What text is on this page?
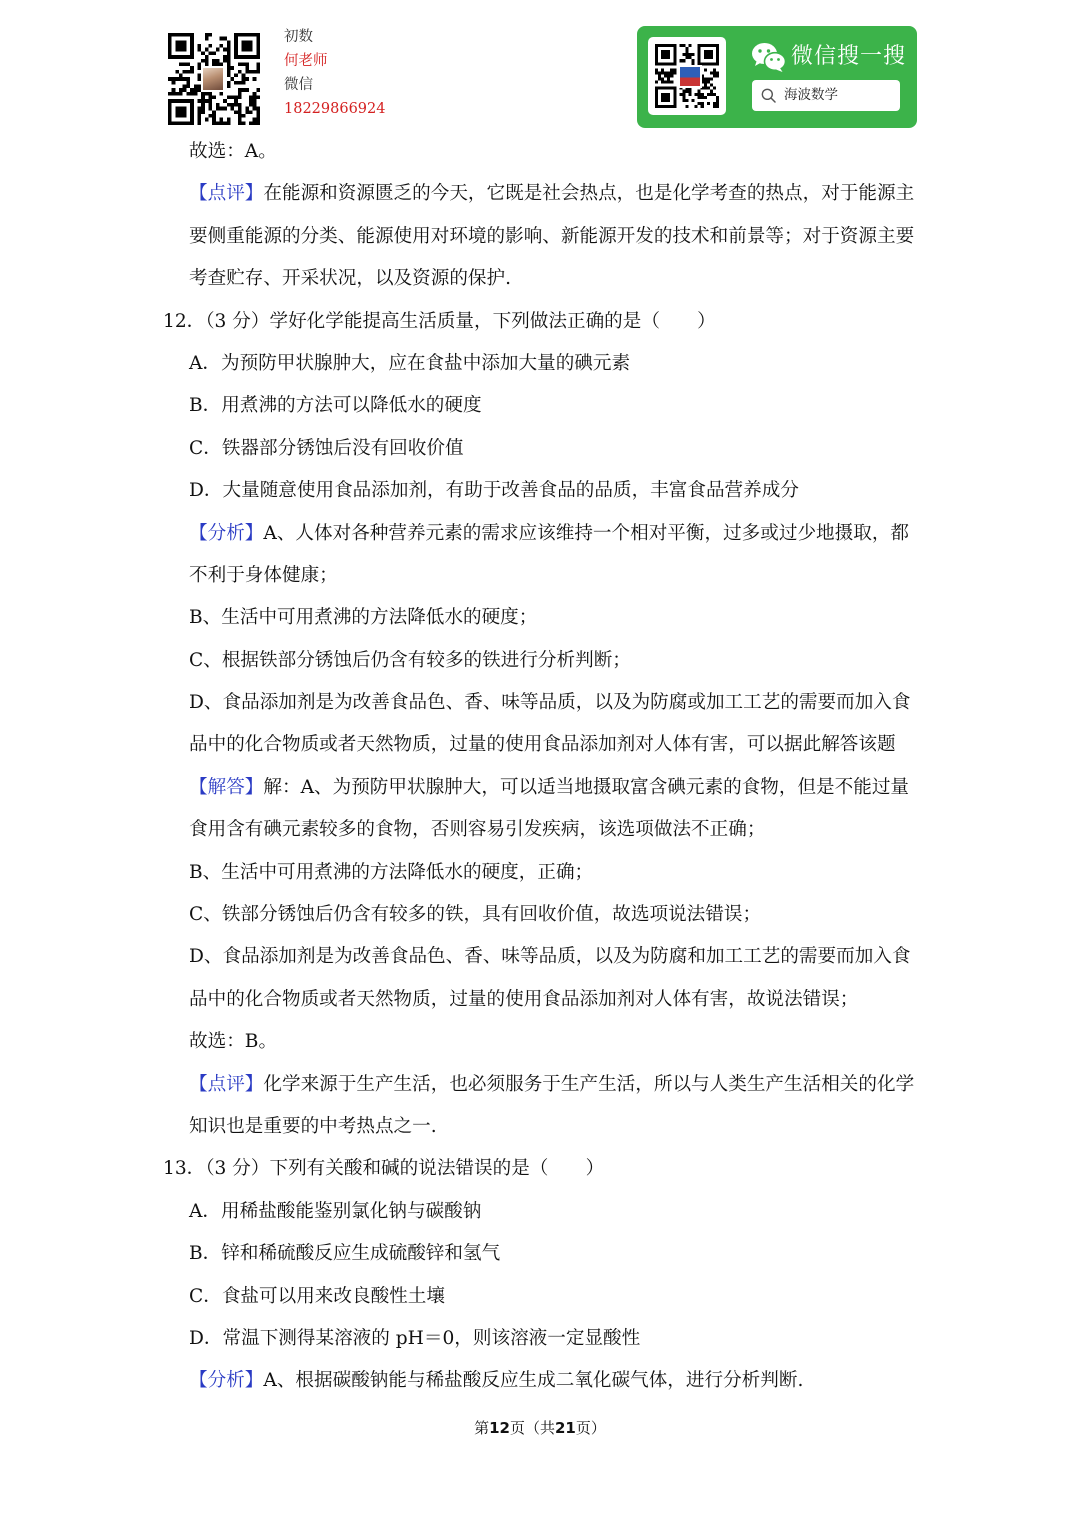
初数
何老师
微信
18229866924
微信搜一搜
海波数学
故选：A。
【点评】在能源和资源匮乏的今天，它既是社会热点，也是化学考查的热点，对于能源主
要侧重能源的分类、能源使用对环境的影响、新能源开发的技术和前景等；对于资源主要
考查贮存、开采状况，以及资源的保护.
12．（3 分）学好化学能提高生活质量，下列做法正确的是（　　）
A．为预防甲状腺肿大，应在食盐中添加大量的碘元素
B．用煮沸的方法可以降低水的硬度
C．铁器部分锈蚀后没有回收价值
D．大量随意使用食品添加剂，有助于改善食品的品质，丰富食品营养成分
【分析】A、人体对各种营养元素的需求应该维持一个相对平衡，过多或过少地摄取，都
不利于身体健康；
B、生活中可用煮沸的方法降低水的硬度；
C、根据铁部分锈蚀后仍含有较多的铁进行分析判断；
D、食品添加剂是为改善食品色、香、味等品质，以及为防腐或加工工艺的需要而加入食
品中的化合物质或者天然物质，过量的使用食品添加剂对人体有害，可以据此解答该题
【解答】解：A、为预防甲状腺肿大，可以适当地摄取富含碘元素的食物，但是不能过量
食用含有碘元素较多的食物，否则容易引发疾病，该选项做法不正确；
B、生活中可用煮沸的方法降低水的硬度，正确；
C、铁部分锈蚀后仍含有较多的铁，具有回收价值，故选项说法错误；
D、食品添加剂是为改善食品色、香、味等品质，以及为防腐和加工工艺的需要而加入食
品中的化合物质或者天然物质，过量的使用食品添加剂对人体有害，故说法错误；
故选：B。
【点评】化学来源于生产生活，也必须服务于生产生活，所以与人类生产生活相关的化学
知识也是重要的中考热点之一.
13．（3 分）下列有关酸和碱的说法错误的是（　　）
A．用稀盐酸能鉴别氯化钠与碳酸钠
B．锌和稀硫酸反应生成硫酸锌和氢气
C．食盐可以用来改良酸性土壤
D．常温下测得某溶液的 pH＝0，则该溶液一定显酸性
【分析】A、根据碳酸钠能与稀盐酸反应生成二氧化碳气体，进行分析判断.
第12页（共21页）
